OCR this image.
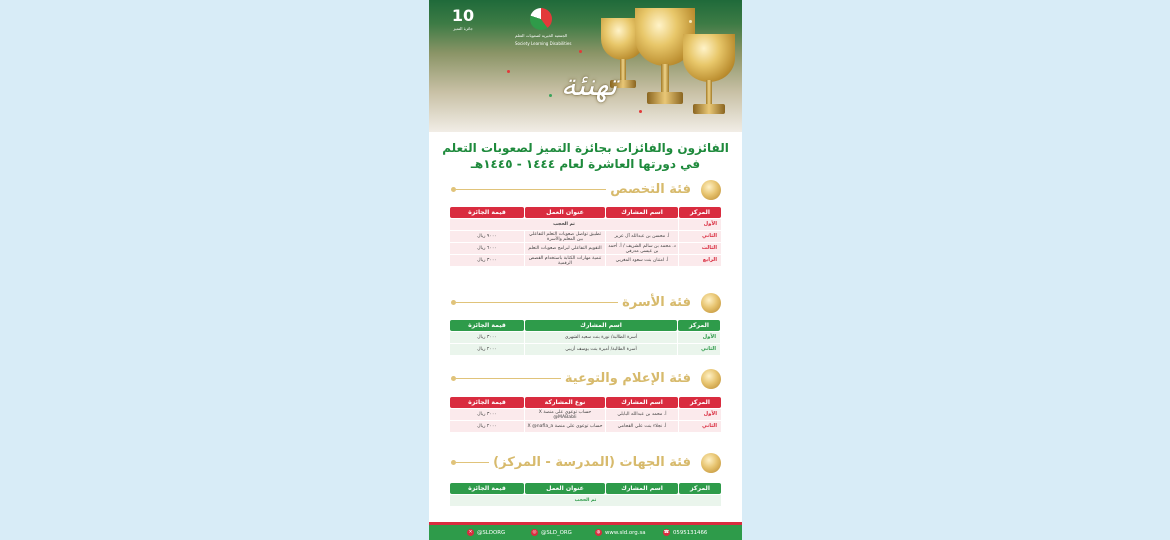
10
جائزة التميز
الجمعية الخيرية لصعوبات التعلم
Society Learning Disabilities
تهنئة
الفائزون والفائزات بجائزة التميز لصعوبات التعلم
في دورتها العاشرة لعام ١٤٤٤ - ١٤٤٥هـ
فئة التخصص
المركز	اسم المشارك	عنوان العمل	قيمة الجائزة
الأول	تم الحجب		
الثاني	أ. محسن بن عبدالله آل عزيز	تطبيق تواصل صعوبات التعلم التفاعلي بين المعلم والأسرة	٩٠٠٠ ريال
الثالث	د. محمد بن سالم الشريف / أ. أحمد بن عيسى مدرفي	التقويم التفاعلي لبرامج صعوبات التعلم	٦٠٠٠ ريال
الرابع	أ. امتنان بنت سعود المغربي	تنمية مهارات الكتابة باستخدام القصص الرقمية	٣٠٠٠ ريال
فئة الأسرة
المركز	اسم المشارك	قيمة الجائزة
الأول	أسرة الطالبة/ نورة بنت سعيد الشهري	٣٠٠٠ ريال
الثاني	أسرة الطالبة/ أميرة بنت يوسف أزيبي	٢٠٠٠ ريال
فئة الإعلام والتوعية
المركز	اسم المشارك	نوع المشاركة	قيمة الجائزة
الأول	أ. محمد بن عبدالله البابلي	حساب توعوي على منصة X @MABabli	٣٠٠٠ ريال
الثاني	أ. نجلاء بنت علي القحامي	حساب توعوي على منصة X @nafla_a	٢٠٠٠ ريال
فئة الجهات (المدرسة - المركز)
المركز	اسم المشارك	عنوان العمل	قيمة الجائزة
تم الحجب
✕ @SLDORG	◎ @SLD_ORG	◍ www.sld.org.sa	☎ 0595131466
